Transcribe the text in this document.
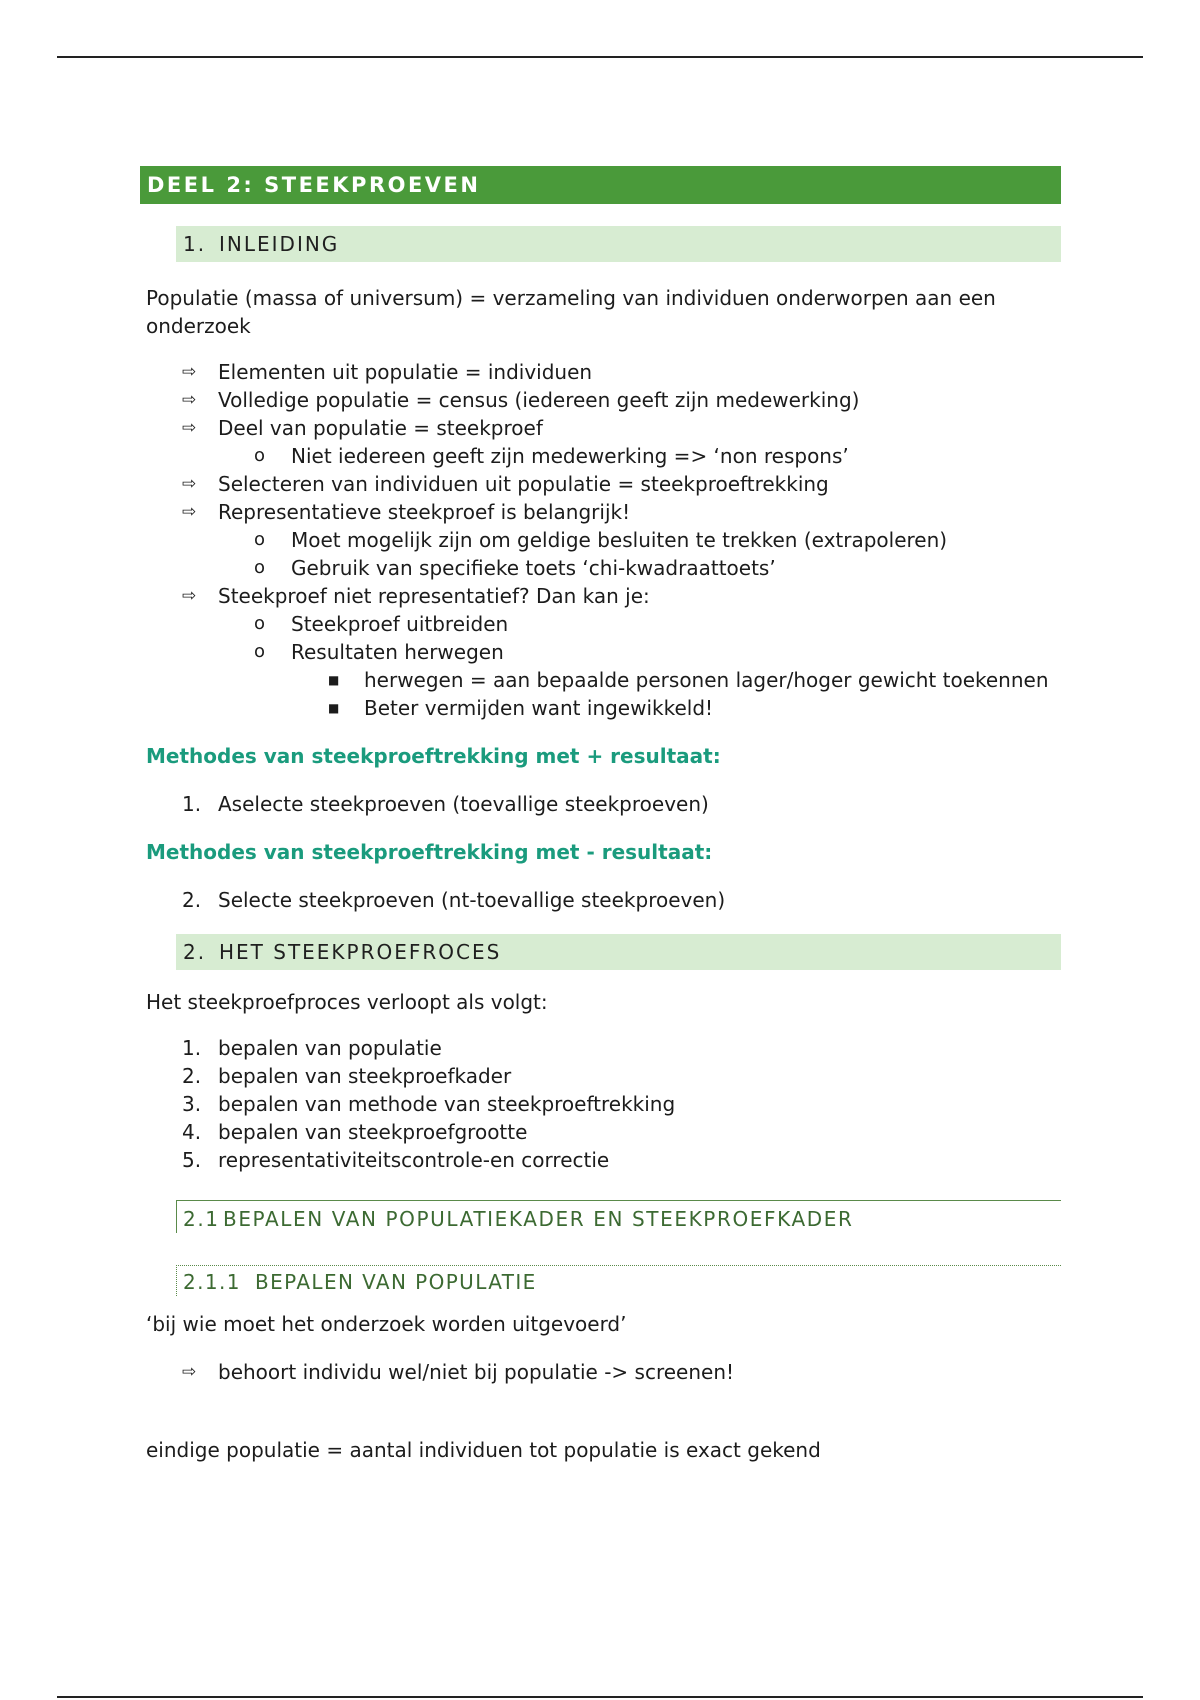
DEEL 2: STEEKPROEVEN
1. INLEIDING

Populatie (massa of universum) = verzameling van individuen onderworpen aan een onderzoek

⇨ Elementen uit populatie = individuen
⇨ Volledige populatie = census (iedereen geeft zijn medewerking)
⇨ Deel van populatie = steekproef
o Niet iedereen geeft zijn medewerking => ‘non respons’
⇨ Selecteren van individuen uit populatie = steekproeftrekking
⇨ Representatieve steekproef is belangrijk!
o Moet mogelijk zijn om geldige besluiten te trekken (extrapoleren)
o Gebruik van specifieke toets ‘chi-kwadraattoets’
⇨ Steekproef niet representatief? Dan kan je:
o Steekproef uitbreiden
o Resultaten herwegen
■ herwegen = aan bepaalde personen lager/hoger gewicht toekennen
■ Beter vermijden want ingewikkeld!
Methodes van steekproeftrekking met + resultaat:
1. Aselecte steekproeven (toevallige steekproeven)
Methodes van steekproeftrekking met - resultaat:
2. Selecte steekproeven (nt-toevallige steekproeven)
2. HET STEEKPROEFROCES

Het steekproefproces verloopt als volgt:

1. bepalen van populatie
2. bepalen van steekproefkader
3. bepalen van methode van steekproeftrekking
4. bepalen van steekproefgrootte
5. representativiteitscontrole-en correctie
2.1 BEPALEN VAN POPULATIEKADER EN STEEKPROEFKADER
2.1.1 BEPALEN VAN POPULATIE

‘bij wie moet het onderzoek worden uitgevoerd’

⇨ behoort individu wel/niet bij populatie -> screenen!

eindige populatie = aantal individuen tot populatie is exact gekend
